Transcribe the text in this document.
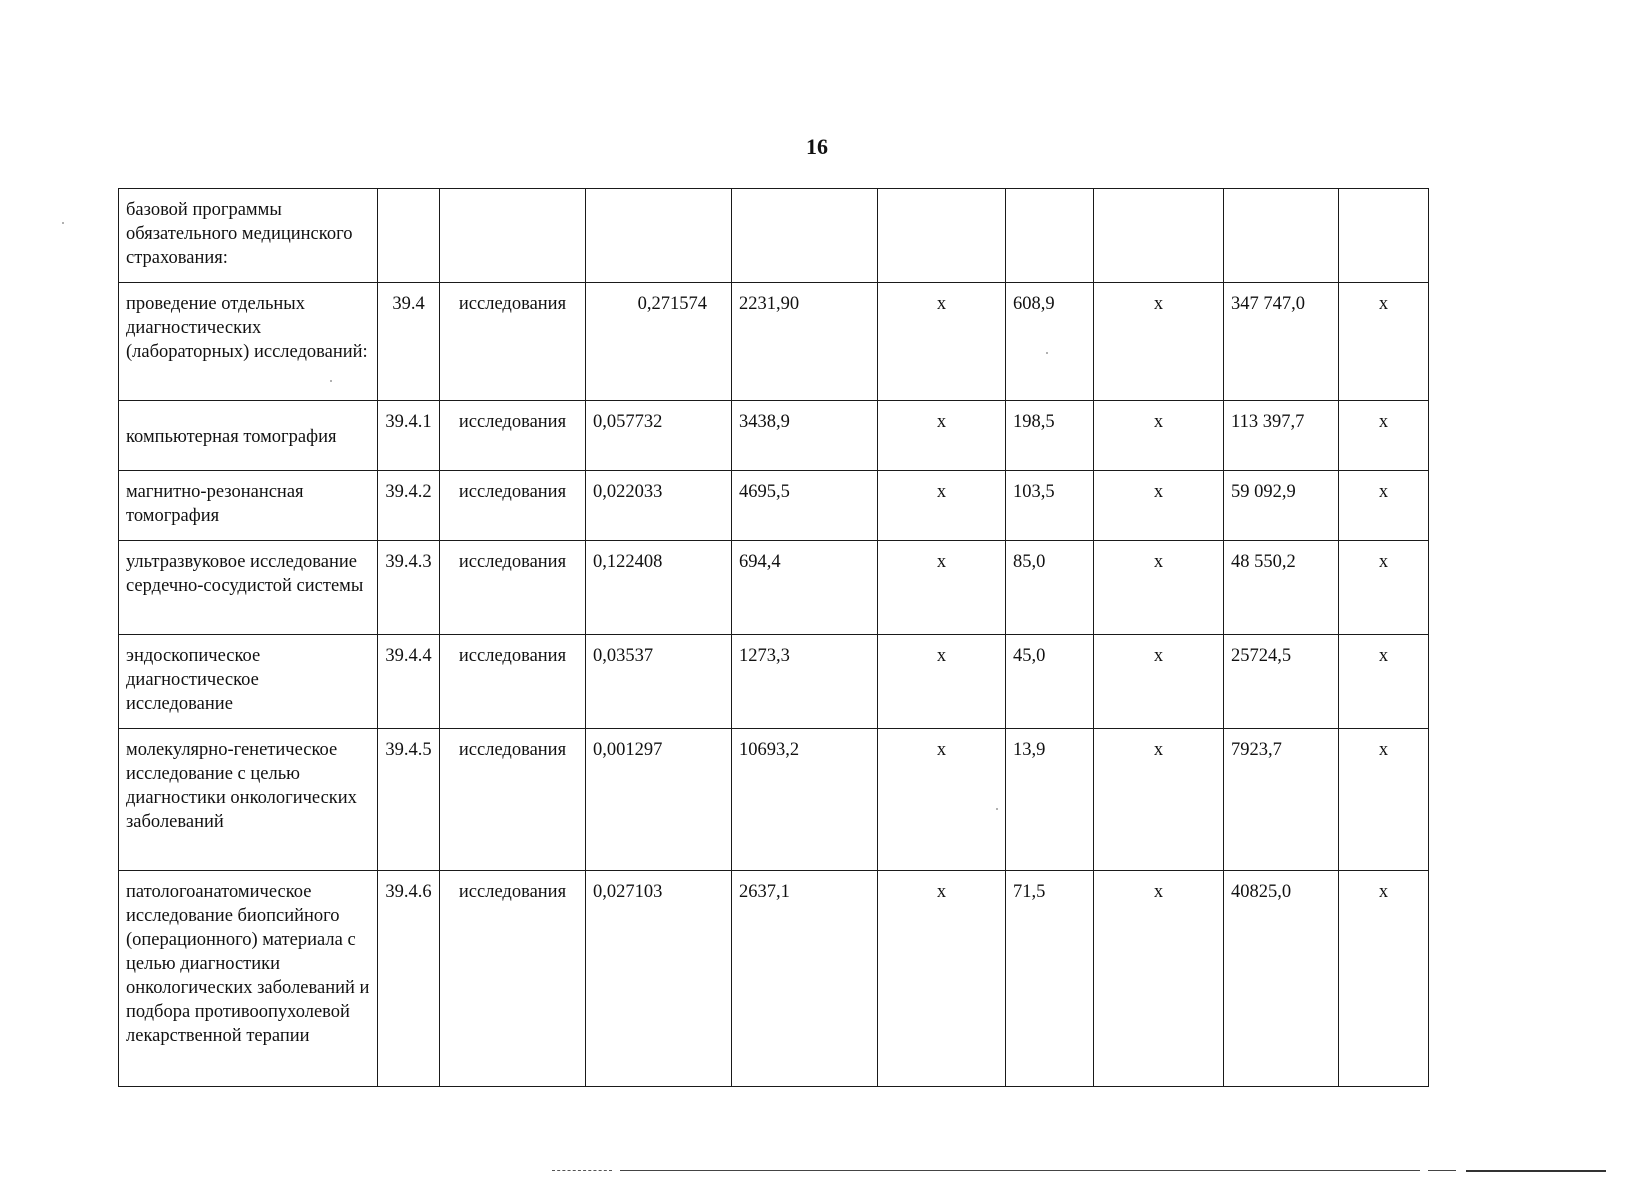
16
базовой программы обязательного медицинского страхования:									
проведение отдельных диагностических (лабораторных) исследований:	39.4	исследования	0,271574	2231,90	x	608,9	x	347 747,0	x
компьютерная томография	39.4.1	исследования	0,057732	3438,9	x	198,5	x	113 397,7	x
магнитно-резонансная томография	39.4.2	исследования	0,022033	4695,5	x	103,5	x	59 092,9	x
ультразвуковое исследование сердечно-сосудистой системы	39.4.3	исследования	0,122408	694,4	x	85,0	x	48 550,2	x
эндоскопическое диагностическое исследование	39.4.4	исследования	0,03537	1273,3	x	45,0	x	25724,5	x
молекулярно-генетическое исследование с целью диагностики онкологических заболеваний	39.4.5	исследования	0,001297	10693,2	x	13,9	x	7923,7	x
патологоанатомическое исследование биопсийного (операционного) материала с целью диагностики онкологических заболеваний и подбора противоопухолевой лекарственной терапии	39.4.6	исследования	0,027103	2637,1	x	71,5	x	40825,0	x
